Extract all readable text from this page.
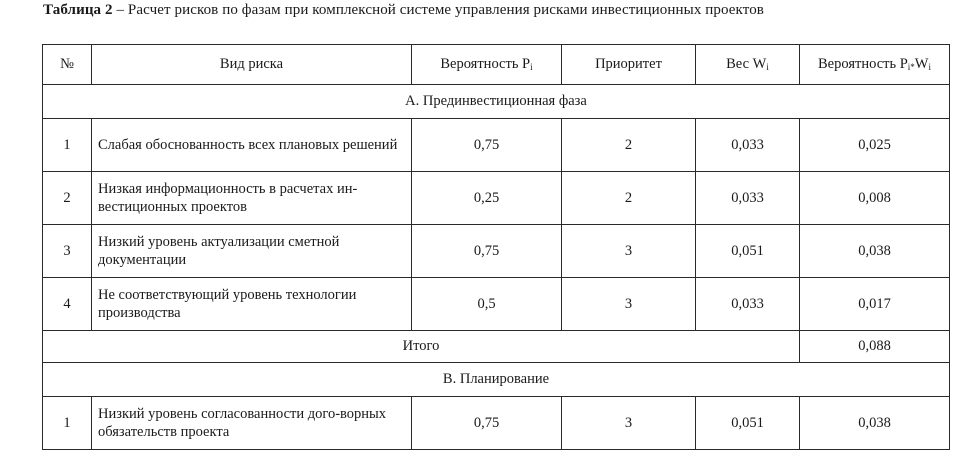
Таблица 2 – Расчет рисков по фазам при комплексной системе управления рисками инвестиционных проектов
№	Вид риска	Вероятность $P_i$	Приоритет	Вес $W_i$	Вероятность $P_{i*}W_i$
А. Прединвестиционная фаза					
1	Слабая обоснованность всех плановых решений	0,75	2	0,033	0,025
2	Низкая информационность в расчетах ин-вестиционных проектов	0,25	2	0,033	0,008
3	Низкий уровень актуализации сметной документации	0,75	3	0,051	0,038
4	Не соответствующий уровень технологии производства	0,5	3	0,033	0,017
Итого					0,088
В. Планирование					
1	Низкий уровень согласованности дого-ворных обязательств проекта	0,75	3	0,051	0,038
